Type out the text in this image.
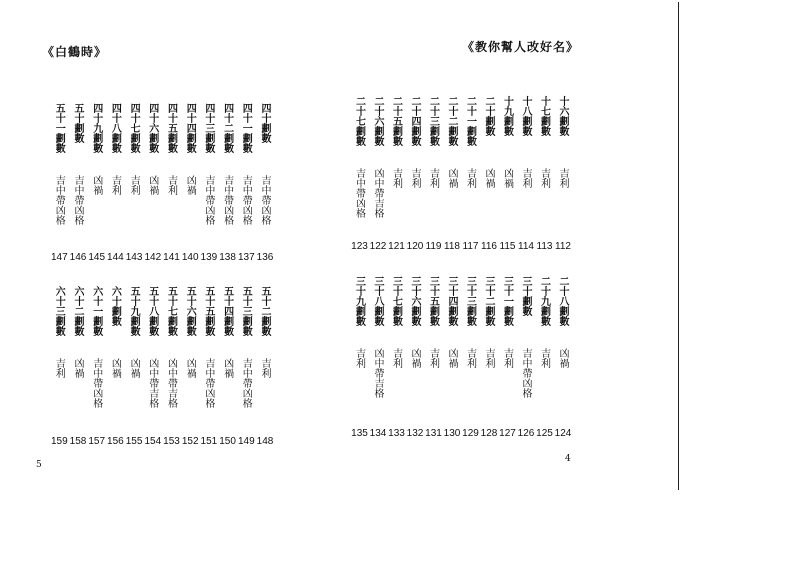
《白鶴時》	《教你幫人改好名》
5
4
四十劃數
吉中帶凶格
136
四十一劃數
吉中帶凶格
137
四十二劃數
吉中帶凶格
138
四十三劃數
吉中帶凶格
139
四十四劃數
凶禍
140
四十五劃數
吉利
141
四十六劃數
凶禍
142
四十七劃數
吉利
143
四十八劃數
吉利
144
四十九劃數
凶禍
145
五十劃數
吉中帶凶格
146
五十一劃數
吉中帶凶格
147
五十二劃數
吉利
148
五十三劃數
吉中帶凶格
149
五十四劃數
凶禍
150
五十五劃數
吉中帶凶格
151
五十六劃數
凶禍
152
五十七劃數
凶中帶吉格
153
五十八劃數
凶中帶吉格
154
五十九劃數
凶禍
155
六十劃數
凶禍
156
六十一劃數
吉中帶凶格
157
六十二劃數
凶禍
158
六十三劃數
吉利
159
十六劃數
吉利
112
十七劃數
吉利
113
十八劃數
吉利
114
十九劃數
凶禍
115
二十劃數
凶禍
116
二十一劃數
吉利
117
二十二劃數
凶禍
118
二十三劃數
吉利
119
二十四劃數
吉利
120
二十五劃數
吉利
121
二十六劃數
凶中帶吉格
122
二十七劃數
吉中帶凶格
123
二十八劃數
凶禍
124
二十九劃數
吉利
125
三十劃數
吉中帶凶格
126
三十一劃數
吉利
127
三十二劃數
吉利
128
三十三劃數
吉利
129
三十四劃數
凶禍
130
三十五劃數
吉利
131
三十六劃數
凶禍
132
三十七劃數
吉利
133
三十八劃數
凶中帶吉格
134
三十九劃數
吉利
135
